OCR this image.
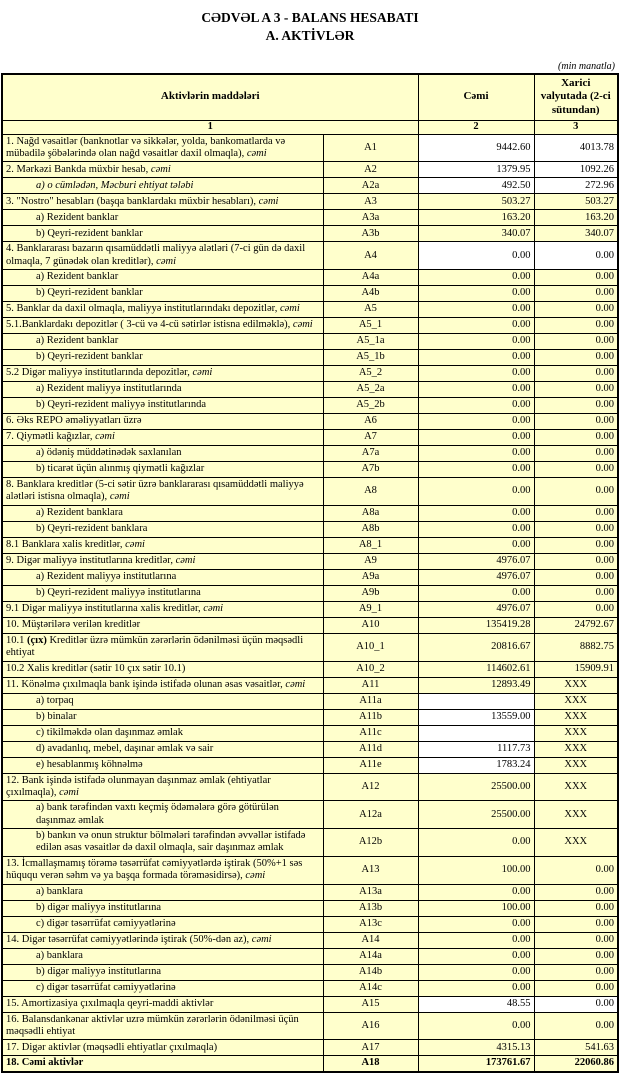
CƏDVƏL A 3 - BALANS HESABATI
A. AKTİVLƏR
(min manatla)
Aktivlərin maddələri		Cəmi	Xarici valyutada (2-ci sütundan)
1		2	3
1. Nağd vəsaitlər (banknotlar və sikkələr, yolda, bankomatlarda və mübadilə şöbələrində olan nağd vəsaitlər daxil olmaqla), cəmi	A1	9442.60	4013.78
2. Mərkəzi Bankda müxbir hesab, cəmi	A2	1379.95	1092.26
a) o cümlədən, Məcburi ehtiyat tələbi	A2a	492.50	272.96
3. "Nostro" hesabları (başqa banklardakı müxbir hesabları), cəmi	A3	503.27	503.27
a) Rezident banklar	A3a	163.20	163.20
b) Qeyri-rezident banklar	A3b	340.07	340.07
4. Banklararası bazarın qısamüddətli maliyyə alətləri (7-ci gün də daxil olmaqla, 7 günədək olan kreditlər), cəmi	A4	0.00	0.00
a) Rezident banklar	A4a	0.00	0.00
b) Qeyri-rezident banklar	A4b	0.00	0.00
5. Banklar da daxil olmaqla, maliyyə institutlarındakı depozitlər, cəmi	A5	0.00	0.00
5.1.Banklardakı depozitlər ( 3-cü və 4-cü sətirlər istisna edilməklə), cəmi	A5_1	0.00	0.00
a) Rezident banklar	A5_1a	0.00	0.00
b) Qeyri-rezident banklar	A5_1b	0.00	0.00
5.2 Digər maliyyə institutlarında depozitlər, cəmi	A5_2	0.00	0.00
a) Rezident maliyyə institutlarında	A5_2a	0.00	0.00
b) Qeyri-rezident maliyyə institutlarında	A5_2b	0.00	0.00
6. Əks REPO əməliyyatları üzrə	A6	0.00	0.00
7. Qiymətli kağızlar, cəmi	A7	0.00	0.00
a) ödəniş müddətinədək saxlanılan	A7a	0.00	0.00
b) ticarət üçün alınmış qiymətli kağızlar	A7b	0.00	0.00
8. Banklara kreditlər (5-ci sətir üzrə banklararası qısamüddətli maliyyə alətləri istisna olmaqla), cəmi	A8	0.00	0.00
a) Rezident banklara	A8a	0.00	0.00
b) Qeyri-rezident banklara	A8b	0.00	0.00
8.1 Banklara xalis kreditlər, cəmi	A8_1	0.00	0.00
9. Digər maliyyə institutlarına kreditlər, cəmi	A9	4976.07	0.00
a) Rezident maliyyə institutlarına	A9a	4976.07	0.00
b) Qeyri-rezident maliyyə institutlarına	A9b	0.00	0.00
9.1 Digər maliyyə institutlarına xalis kreditlər, cəmi	A9_1	4976.07	0.00
10. Müştərilərə verilən kreditlər	A10	135419.28	24792.67
10.1 (çıx) Kreditlər üzrə mümkün zərərlərin ödənilməsi üçün məqsədli ehtiyat	A10_1	20816.67	8882.75
10.2 Xalis kreditlər (sətir 10 çıx sətir 10.1)	A10_2	114602.61	15909.91
11. Könəlmə çıxılmaqla bank işində istifadə olunan əsas vəsaitlər, cəmi	A11	12893.49	XXX
a) torpaq	A11a		XXX
b) binalar	A11b	13559.00	XXX
c) tikilməkdə olan daşınmaz əmlak	A11c		XXX
d) avadanlıq, mebel, daşınar əmlak və sair	A11d	1117.73	XXX
e) hesablanmış köhnəlmə	A11e	1783.24	XXX
12. Bank işində istifadə olunmayan daşınmaz əmlak (ehtiyatlar çıxılmaqla), cəmi	A12	25500.00	XXX
a) bank tərəfindən vaxtı keçmiş ödəmələrə görə götürülən daşınmaz əmlak	A12a	25500.00	XXX
b) bankın və onun struktur bölmələri tərəfindən əvvəllər istifadə edilən əsas vəsaitlər də daxil olmaqla, sair daşınmaz əmlak	A12b	0.00	XXX
13. İcmallaşmamış törəmə təsərrüfat cəmiyyətlərdə iştirak (50%+1 səs hüququ verən səhm və ya başqa formada törəməsidirsə), cəmi	A13	100.00	0.00
a) banklara	A13a	0.00	0.00
b) digər maliyyə institutlarına	A13b	100.00	0.00
c) digər təsərrüfat cəmiyyətlərinə	A13c	0.00	0.00
14. Digər təsərrüfat cəmiyyətlərində iştirak (50%-dən az), cəmi	A14	0.00	0.00
a) banklara	A14a	0.00	0.00
b) digər maliyyə institutlarına	A14b	0.00	0.00
c) digər təsərrüfat cəmiyyətlərinə	A14c	0.00	0.00
15. Amortizasiya çıxılmaqla qeyri-maddi aktivlər	A15	48.55	0.00
16. Balansdankənar aktivlər uzrə mümkün zərərlərin ödənilməsi üçün məqsədli ehtiyat	A16	0.00	0.00
17. Digər aktivlər (məqsədli ehtiyatlar çıxılmaqla)	A17	4315.13	541.63
18. Cəmi aktivlər	A18	173761.67	22060.86
